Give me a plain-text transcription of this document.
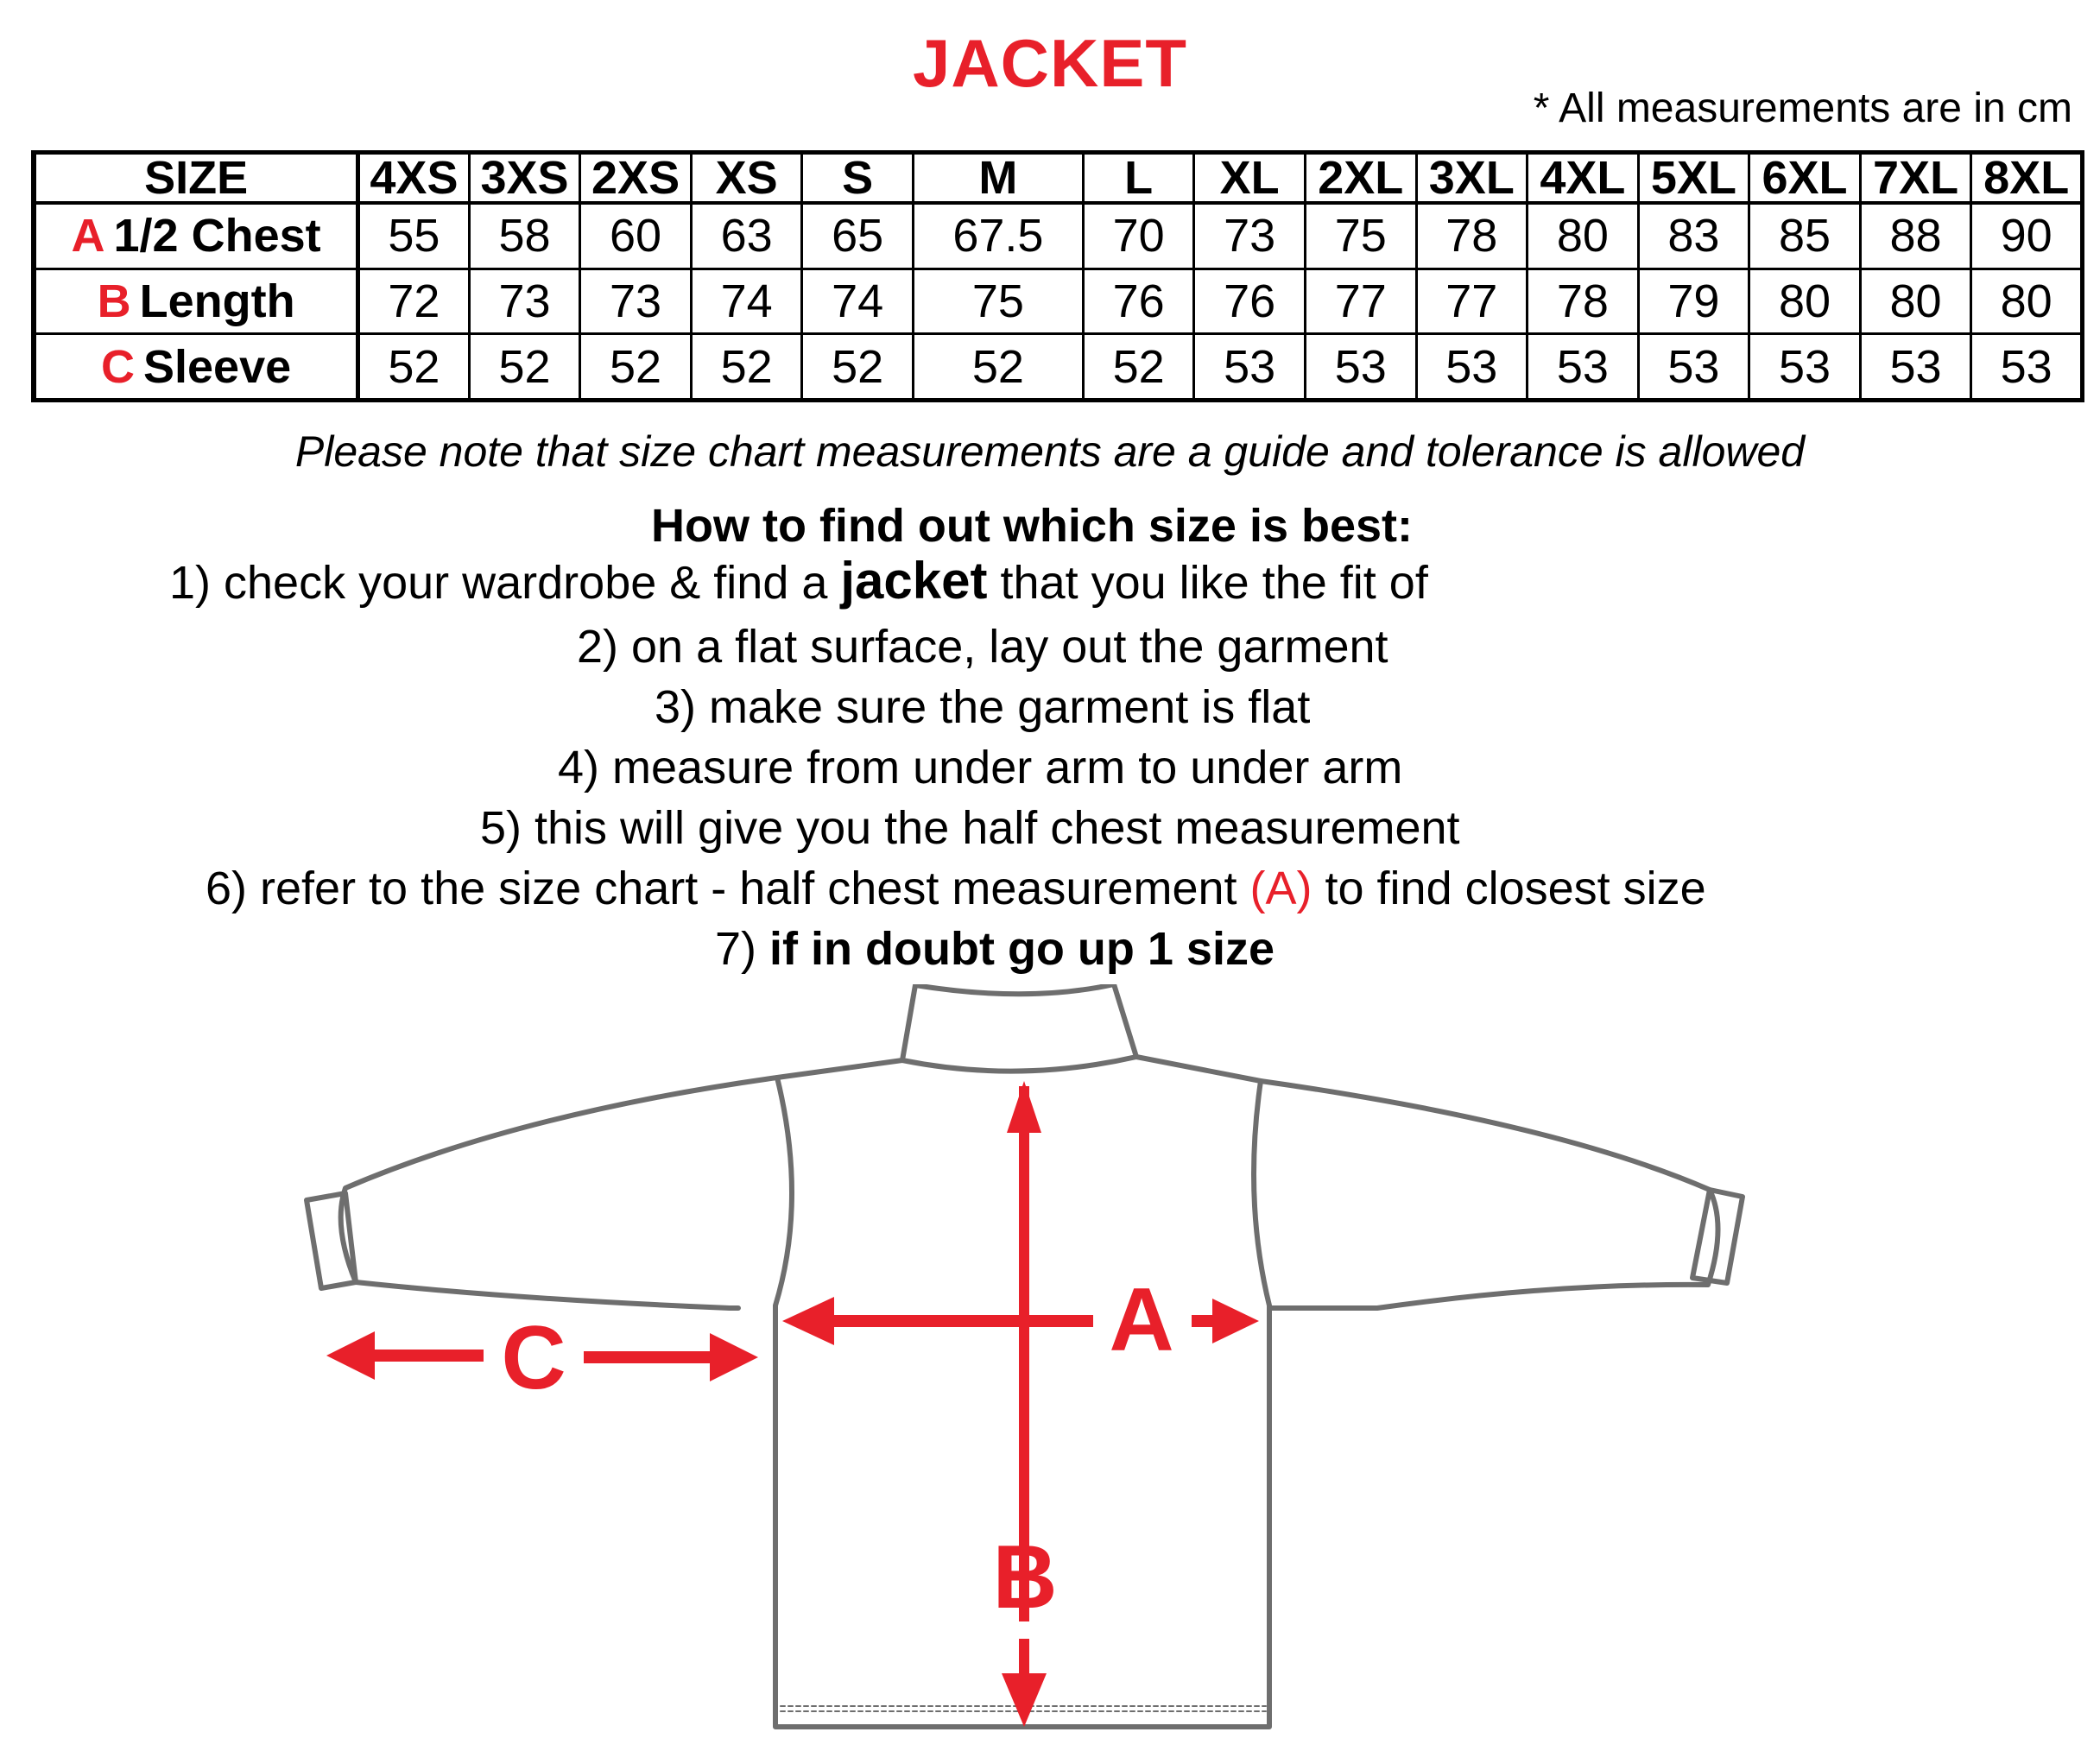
JACKET
* All measurements are in cm
SIZE	4XS	3XS	2XS	XS	S	M	L	XL	2XL	3XL	4XL	5XL	6XL	7XL	8XL
A 1/2 Chest	55	58	60	63	65	67.5	70	73	75	78	80	83	85	88	90
B Length	72	73	73	74	74	75	76	76	77	77	78	79	80	80	80
C Sleeve	52	52	52	52	52	52	52	53	53	53	53	53	53	53	53
Please note that size chart measurements are a guide and tolerance is allowed
How to find out which size is best:
1) check your wardrobe & find a jacket that you like the fit of
2) on a flat surface, lay out the garment
3) make sure the garment is flat
4) measure from under arm to under arm
5) this will give you the half chest measurement
6) refer to the size chart - half chest measurement (A) to find closest size
7) if in doubt go up 1 size
A
B
C
